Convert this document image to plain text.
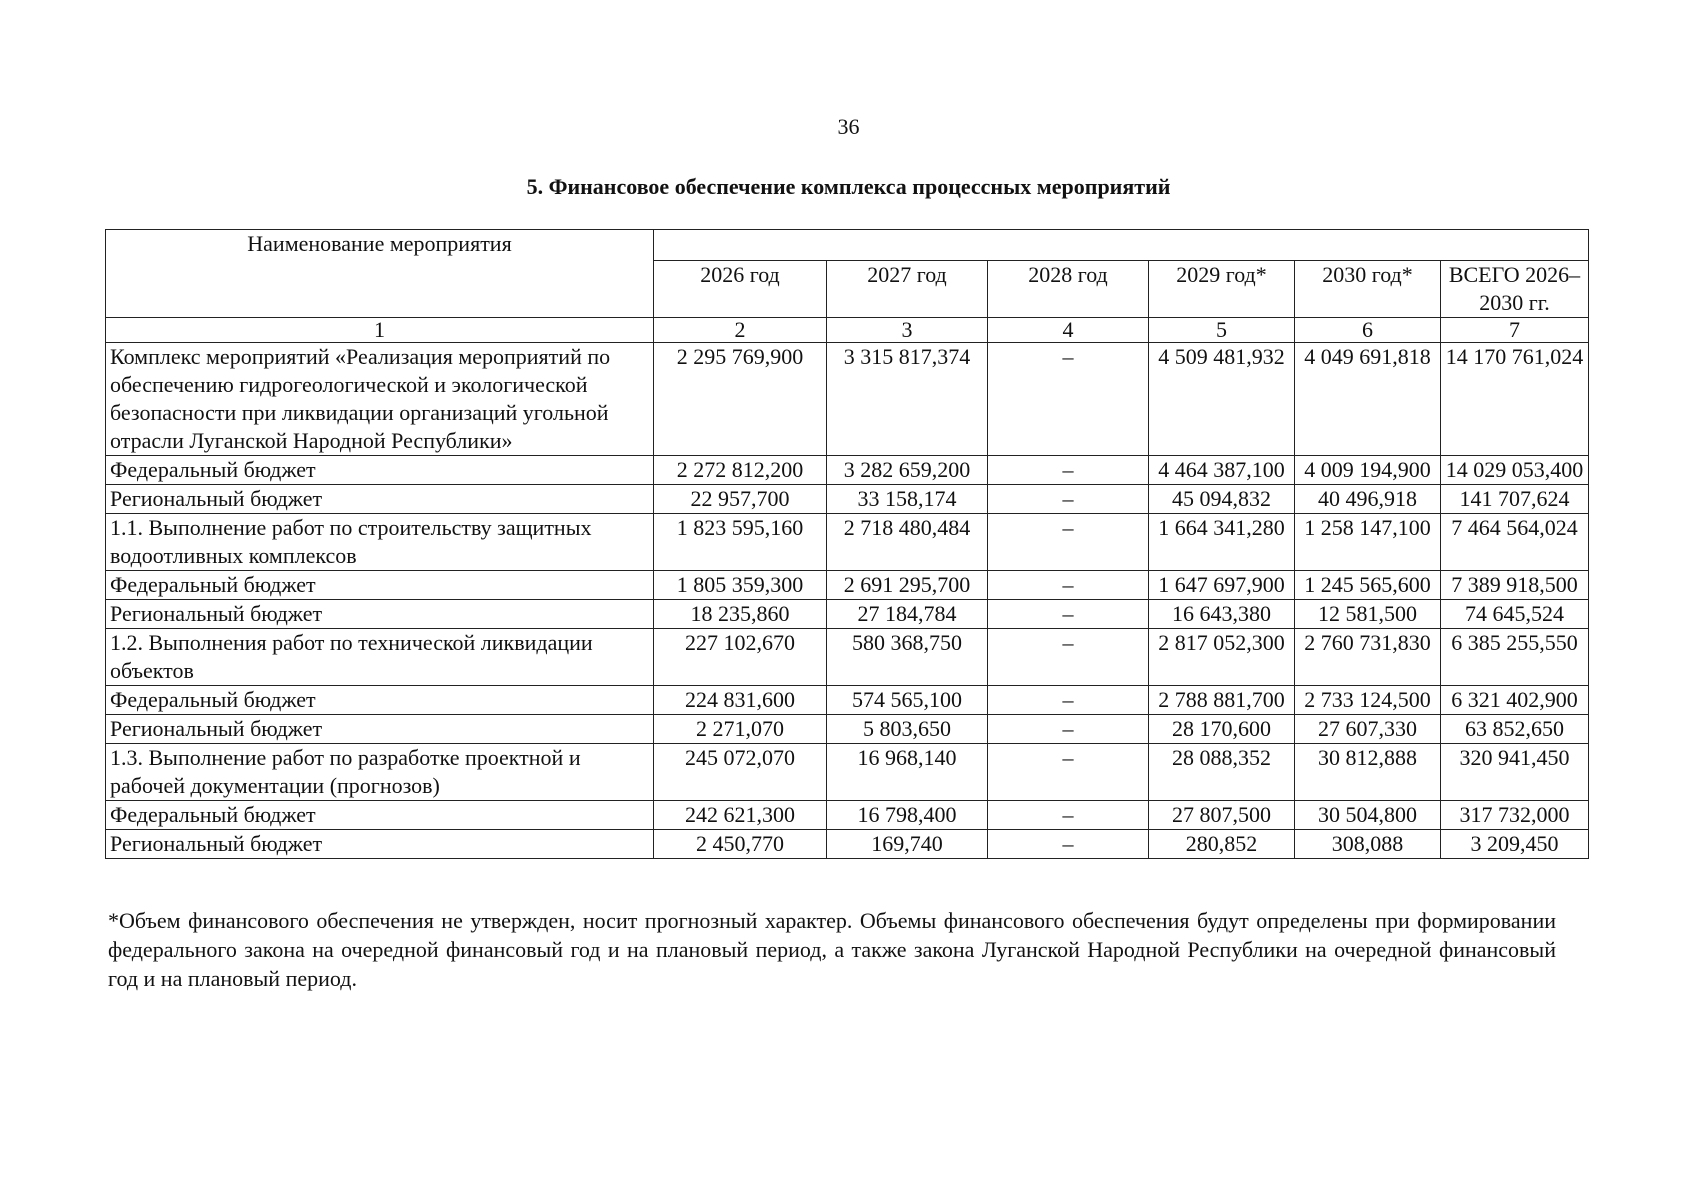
36
5. Финансовое обеспечение комплекса процессных мероприятий
Наименование мероприятия						
	2026 год	2027 год	2028 год	2029 год*	2030 год*	ВСЕГО 2026–2030 гг.
1	2	3	4	5	6	7
Комплекс мероприятий «Реализация мероприятий по обеспечению гидрогеологической и экологической безопасности при ликвидации организаций угольной отрасли Луганской Народной Республики»	2 295 769,900	3 315 817,374	–	4 509 481,932	4 049 691,818	14 170 761,024
Федеральный бюджет	2 272 812,200	3 282 659,200	–	4 464 387,100	4 009 194,900	14 029 053,400
Региональный бюджет	22 957,700	33 158,174	–	45 094,832	40 496,918	141 707,624
1.1. Выполнение работ по строительству защитных водоотливных комплексов	1 823 595,160	2 718 480,484	–	1 664 341,280	1 258 147,100	7 464 564,024
Федеральный бюджет	1 805 359,300	2 691 295,700	–	1 647 697,900	1 245 565,600	7 389 918,500
Региональный бюджет	18 235,860	27 184,784	–	16 643,380	12 581,500	74 645,524
1.2. Выполнения работ по технической ликвидации объектов	227 102,670	580 368,750	–	2 817 052,300	2 760 731,830	6 385 255,550
Федеральный бюджет	224 831,600	574 565,100	–	2 788 881,700	2 733 124,500	6 321 402,900
Региональный бюджет	2 271,070	5 803,650	–	28 170,600	27 607,330	63 852,650
1.3. Выполнение работ по разработке проектной и рабочей документации (прогнозов)	245 072,070	16 968,140	–	28 088,352	30 812,888	320 941,450
Федеральный бюджет	242 621,300	16 798,400	–	27 807,500	30 504,800	317 732,000
Региональный бюджет	2 450,770	169,740	–	280,852	308,088	3 209,450
*Объем финансового обеспечения не утвержден, носит прогнозный характер. Объемы финансового обеспечения будут определены при формировании федерального закона на очередной финансовый год и на плановый период, а также закона Луганской Народной Республики на очередной финансовый год и на плановый период.
